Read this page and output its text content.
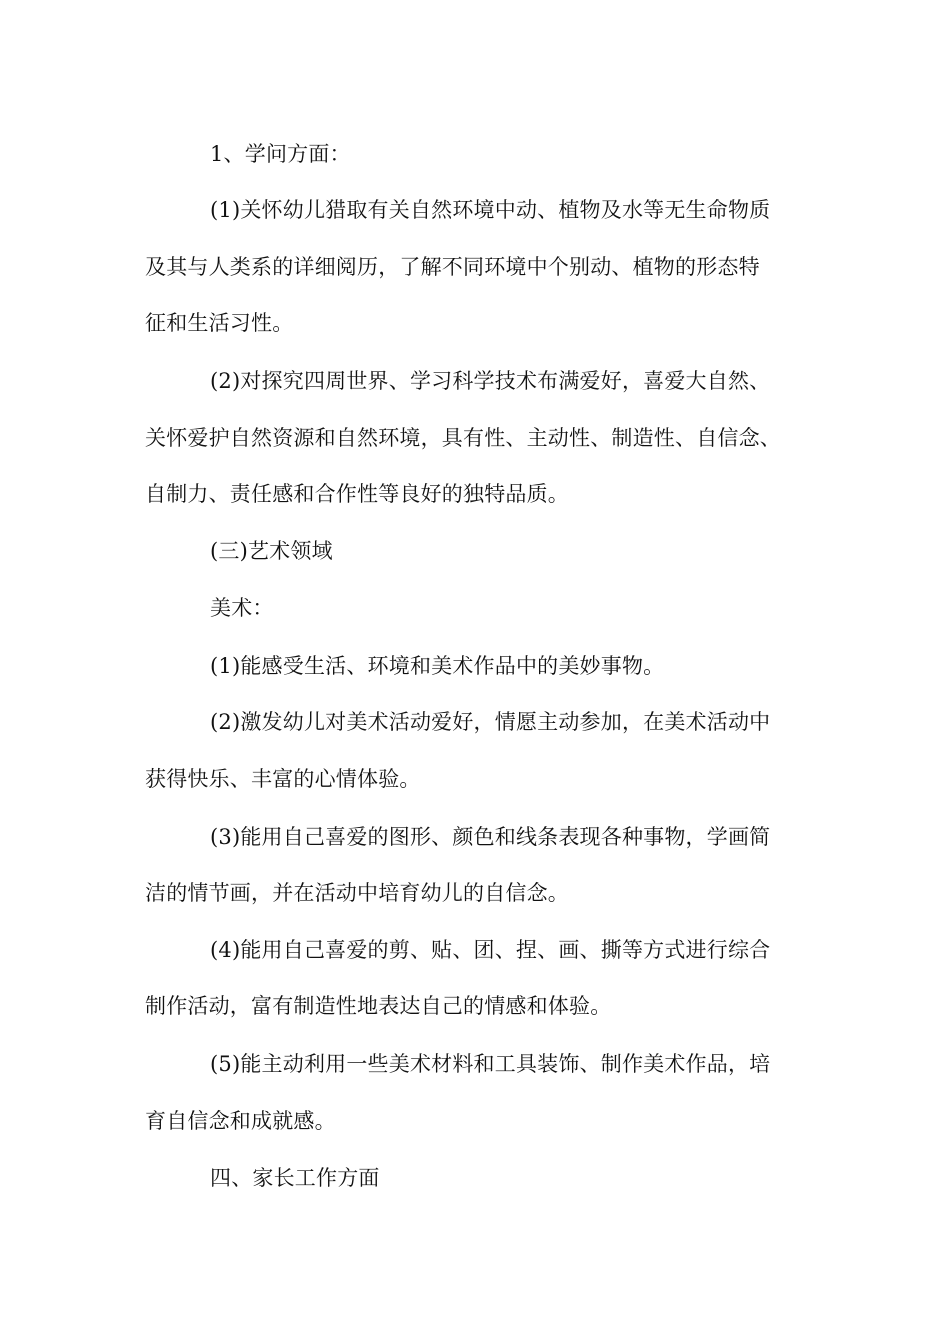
1、学问方面：
(1)关怀幼儿猎取有关自然环境中动、植物及水等无生命物质
及其与人类系的详细阅历，了解不同环境中个别动、植物的形态特
征和生活习性。
(2)对探究四周世界、学习科学技术布满爱好，喜爱大自然、
关怀爱护自然资源和自然环境，具有性、主动性、制造性、自信念、
自制力、责任感和合作性等良好的独特品质。
(三)艺术领域
美术：
(1)能感受生活、环境和美术作品中的美妙事物。
(2)激发幼儿对美术活动爱好，情愿主动参加，在美术活动中
获得快乐、丰富的心情体验。
(3)能用自己喜爱的图形、颜色和线条表现各种事物，学画简
洁的情节画，并在活动中培育幼儿的自信念。
(4)能用自己喜爱的剪、贴、团、捏、画、撕等方式进行综合
制作活动，富有制造性地表达自己的情感和体验。
(5)能主动利用一些美术材料和工具装饰、制作美术作品，培
育自信念和成就感。
四、家长工作方面
